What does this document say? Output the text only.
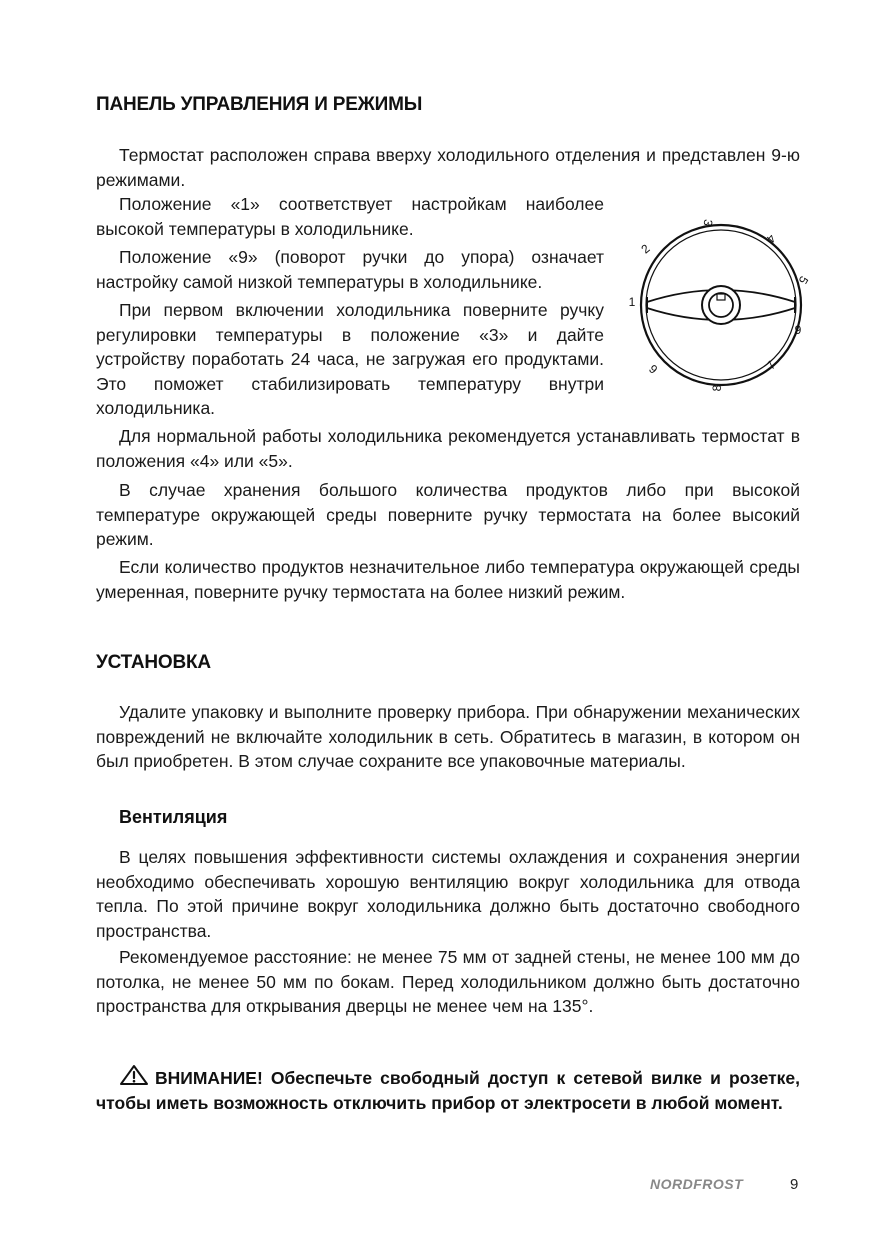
ПАНЕЛЬ УПРАВЛЕНИЯ И РЕЖИМЫ

Термостат расположен справа вверху холодильного отделения и представлен 9-ю режимами.

Положение «1» соответствует настройкам наиболее высокой температуры в холодильнике.

Положение «9» (поворот ручки до упора) означает настройку самой низкой температуры в холодильнике.

При первом включении холодильника поверните ручку регулировки температуры в положение «3» и дайте устройству поработать 24 часа, не загружая его продуктами. Это поможет стабилизировать температуру внутри холодильника.

Для нормальной работы холодильника рекомендуется устанавливать термостат в положения «4» или «5».

В случае хранения большого количества продуктов либо при высокой температуре окружающей среды поверните ручку термостата на более высокий режим.

Если количество продуктов незначительное либо температура окружающей среды умеренная, поверните ручку термостата на более низкий режим.

УСТАНОВКА

Удалите упаковку и выполните проверку прибора. При обнаружении механических повреждений не включайте холодильник в сеть. Обратитесь в магазин, в котором он был приобретен. В этом случае сохраните все упаковочные материалы.

Вентиляция

В целях повышения эффективности системы охлаждения и сохранения энергии необходимо обеспечивать хорошую вентиляцию вокруг холодильника для отвода тепла. По этой причине вокруг холодильника должно быть достаточно свободного пространства.

Рекомендуемое расстояние: не менее 75 мм от задней стены, не менее 100 мм до потолка, не менее 50 мм по бокам. Перед холодильником должно быть достаточно пространства для открывания дверцы не менее чем на 135°.

ВНИМАНИЕ! Обеспечьте свободный доступ к сетевой вилке и розетке, чтобы иметь возможность отключить прибор от электросети в любой момент.

1
2
3
4
5
6	7
8
9
NORDFROST	9
